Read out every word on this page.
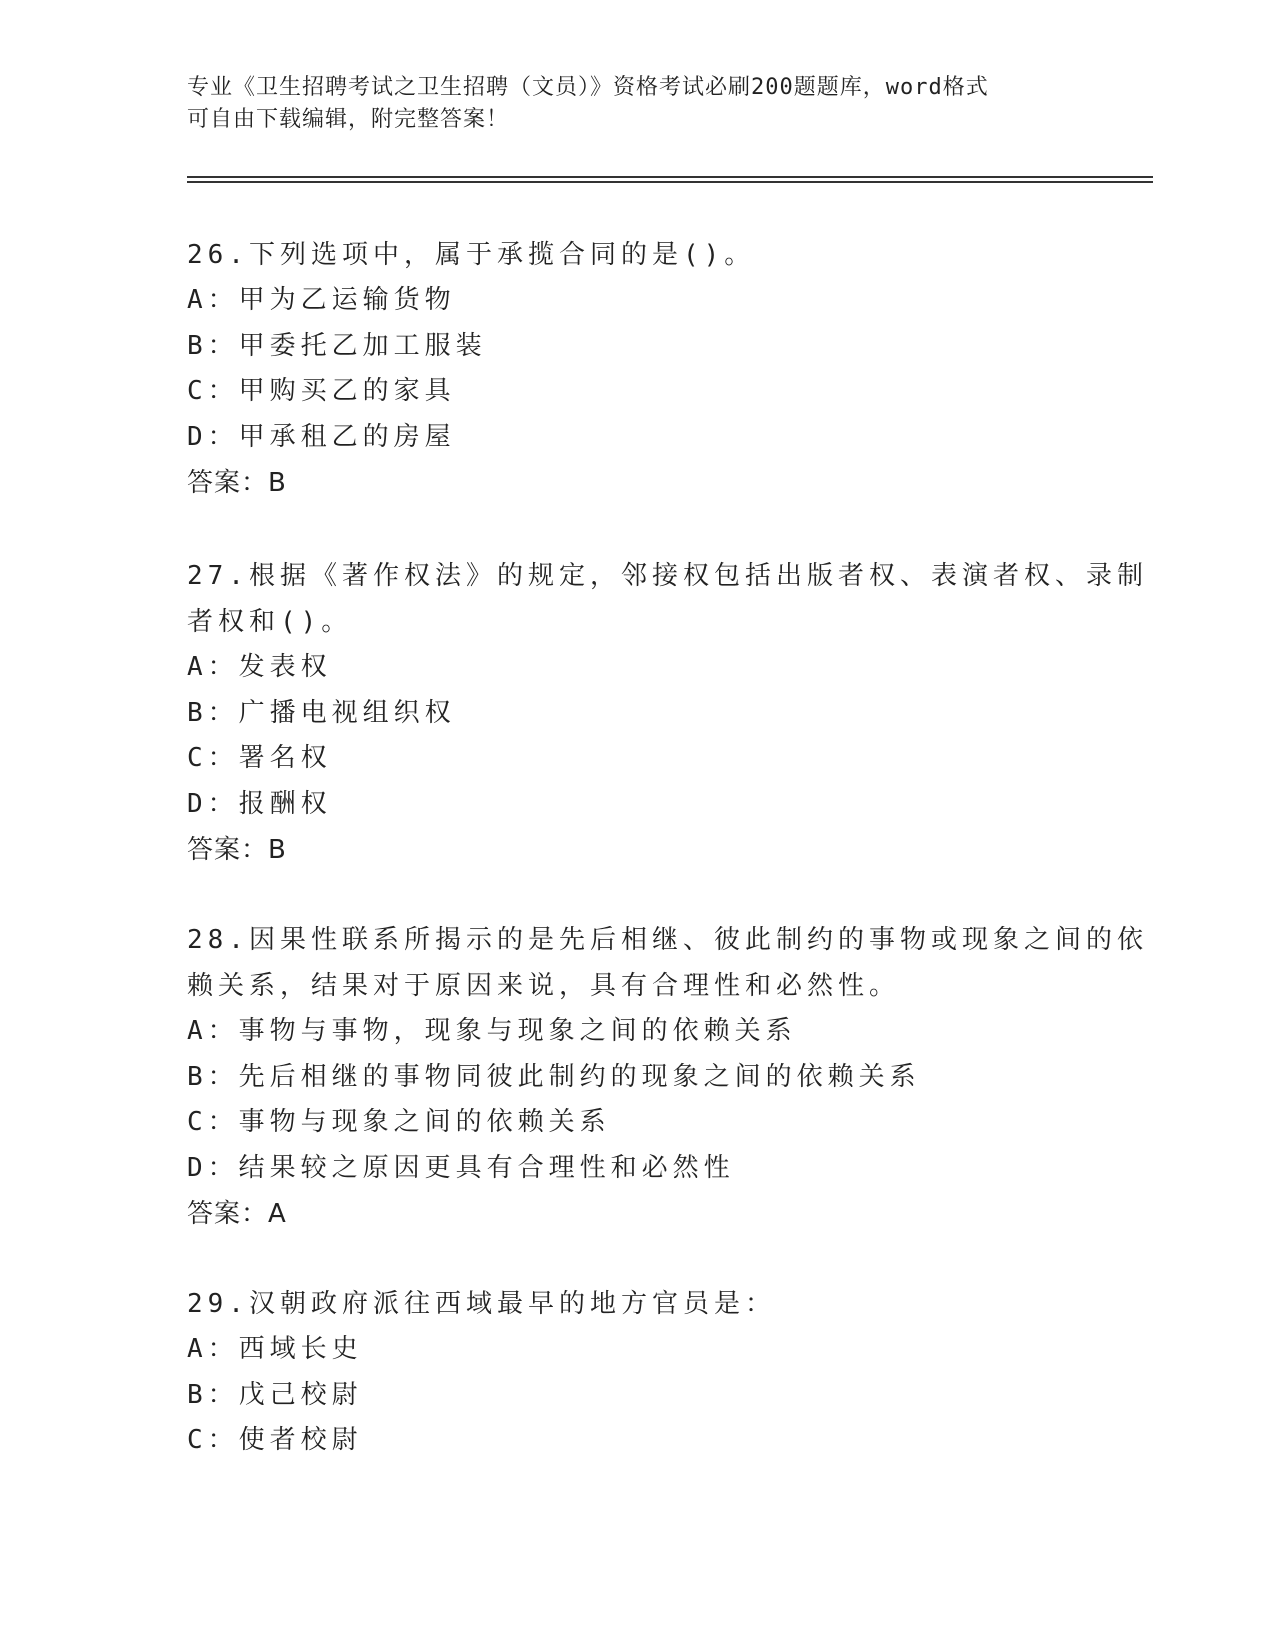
专业《卫生招聘考试之卫生招聘（文员）》资格考试必刷200题题库，word格式
可自由下载编辑，附完整答案！
26.下列选项中，属于承揽合同的是()。
A：甲为乙运输货物
B：甲委托乙加工服装
C：甲购买乙的家具
D：甲承租乙的房屋
答案：B
27.根据《著作权法》的规定，邻接权包括出版者权、表演者权、录制
者权和()。
A：发表权
B：广播电视组织权
C：署名权
D：报酬权
答案：B
28.因果性联系所揭示的是先后相继、彼此制约的事物或现象之间的依
赖关系，结果对于原因来说，具有合理性和必然性。
A：事物与事物，现象与现象之间的依赖关系
B：先后相继的事物同彼此制约的现象之间的依赖关系
C：事物与现象之间的依赖关系
D：结果较之原因更具有合理性和必然性
答案：A
29.汉朝政府派往西域最早的地方官员是：
A：西域长史
B：戊己校尉
C：使者校尉
